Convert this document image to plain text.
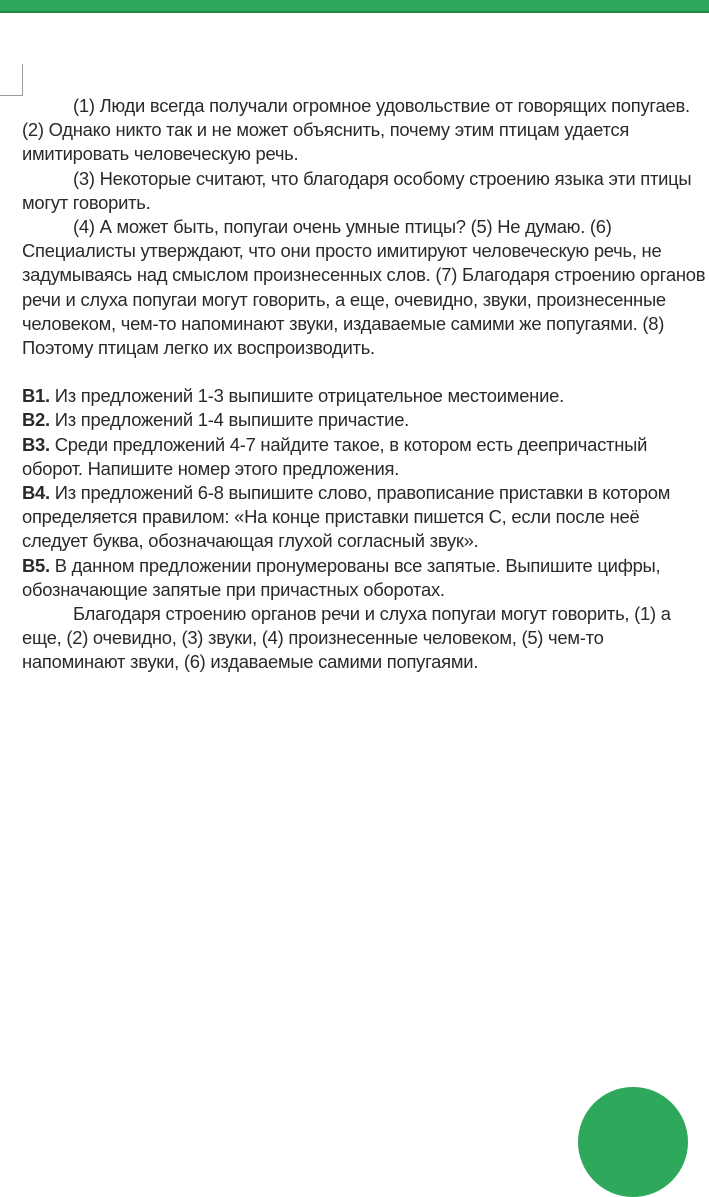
(1) Люди всегда получали огромное удовольствие от говорящих попугаев. (2) Однако никто так и не может объяснить, почему этим птицам удается имитировать человеческую речь.

(3) Некоторые считают, что благодаря особому строению языка эти птицы могут говорить.

(4) А может быть, попугаи очень умные птицы? (5) Не думаю. (6) Специалисты утверждают, что они просто имитируют человеческую речь, не задумываясь над смыслом произнесенных слов. (7) Благодаря строению органов речи и слуха попугаи могут говорить, а еще, очевидно, звуки, произнесенные человеком, чем-то напоминают звуки, издаваемые самими же попугаями. (8) Поэтому птицам легко их воспроизводить.

В1. Из предложений 1-3 выпишите отрицательное местоимение.

В2. Из предложений 1-4 выпишите причастие.

В3. Среди предложений 4-7 найдите такое, в котором есть деепричастный оборот. Напишите номер этого предложения.

В4. Из предложений 6-8 выпишите слово, правописание приставки в котором определяется правилом: «На конце приставки пишется С, если после неё следует буква, обозначающая глухой согласный звук».

В5. В данном предложении пронумерованы все запятые. Выпишите цифры, обозначающие запятые при причастных оборотах.

Благодаря строению органов речи и слуха попугаи могут говорить, (1) а еще, (2) очевидно, (3) звуки, (4) произнесенные человеком, (5) чем-то напоминают звуки, (6) издаваемые самими попугаями.
